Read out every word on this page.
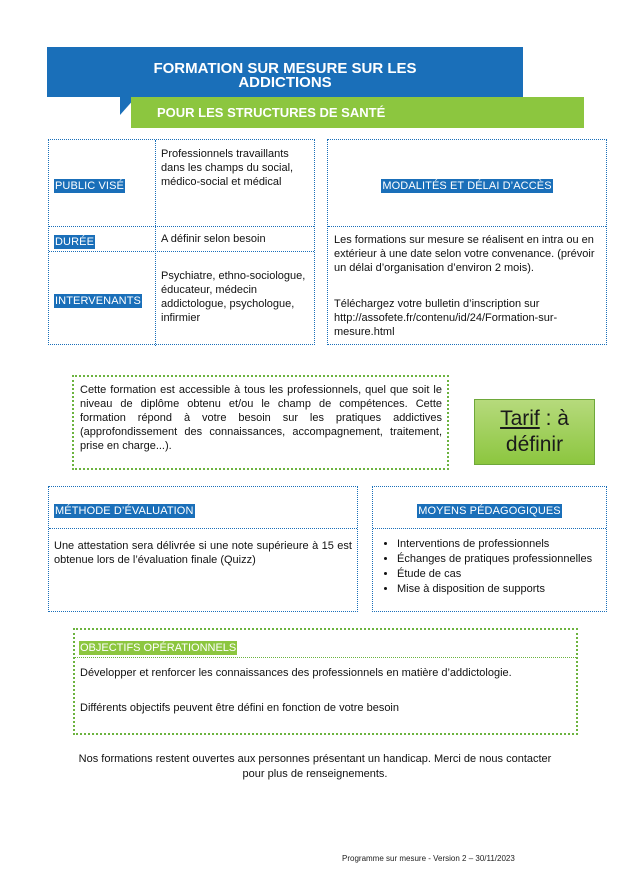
FORMATION SUR MESURE SUR LES
ADDICTIONS
POUR LES STRUCTURES DE SANTÉ
PUBLIC VISÉ
Professionnels travaillants dans les champs du social, médico-social et médical
DURÉE	A définir selon besoin
INTERVENANTS
Psychiatre, ethno-sociologue, éducateur, médecin addictologue, psychologue, infirmier
MODALITÉS ET DÉLAI D’ACCÈS
Les formations sur mesure se réalisent en intra ou en extérieur à une date selon votre convenance. (prévoir un délai d’organisation d’environ 2 mois).
Téléchargez votre bulletin d’inscription sur http://assofete.fr/contenu/id/24/Formation-sur-mesure.html
Cette formation est accessible à tous les professionnels, quel que soit le niveau de diplôme obtenu et/ou le champ de compétences. Cette formation répond à votre besoin sur les pratiques addictives (approfondissement des connaissances, accompagnement, traitement, prise en charge...).
Tarif : à définir
MÉTHODE D’ÉVALUATION
Une attestation sera délivrée si une note supérieure à 15 est obtenue lors de l’évaluation finale (Quizz)
MOYENS PÉDAGOGIQUES
• Interventions de professionnels
• Échanges de pratiques professionnelles
• Étude de cas
• Mise à disposition de supports
OBJECTIFS OPÉRATIONNELS
Développer et renforcer les connaissances des professionnels en matière d’addictologie.
Différents objectifs peuvent être défini en fonction de votre besoin
Nos formations restent ouvertes aux personnes présentant un handicap. Merci de nous contacter pour plus de renseignements.
Programme sur mesure - Version 2 – 30/11/2023
